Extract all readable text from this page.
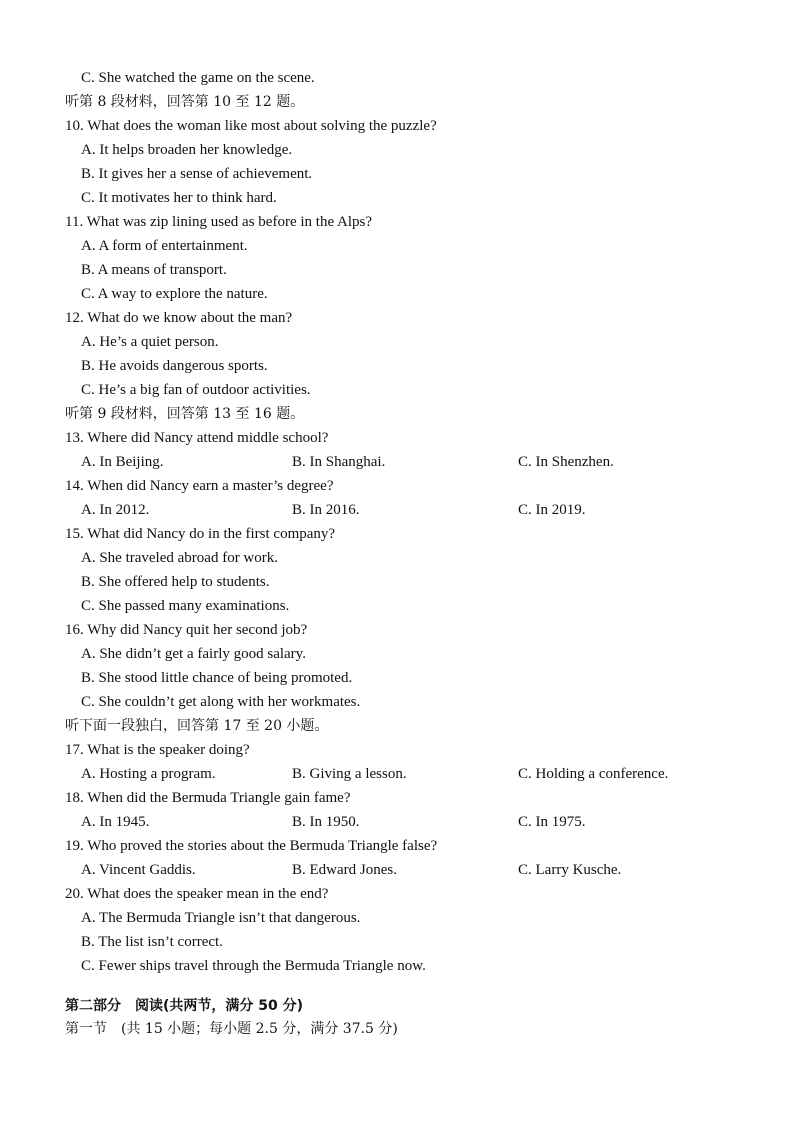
C. She watched the game on the scene.
听第 8 段材料，回答第 10 至 12 题。
10. What does the woman like most about solving the puzzle?
A. It helps broaden her knowledge.
B. It gives her a sense of achievement.
C. It motivates her to think hard.
11. What was zip lining used as before in the Alps?
A. A form of entertainment.
B. A means of transport.
C. A way to explore the nature.
12. What do we know about the man?
A. He’s a quiet person.
B. He avoids dangerous sports.
C. He’s a big fan of outdoor activities.
听第 9 段材料，回答第 13 至 16 题。
13. Where did Nancy attend middle school?
A. In Beijing.	B. In Shanghai.	C. In Shenzhen.
14. When did Nancy earn a master’s degree?
A. In 2012.	B. In 2016.	C. In 2019.
15. What did Nancy do in the first company?
A. She traveled abroad for work.
B. She offered help to students.
C. She passed many examinations.
16. Why did Nancy quit her second job?
A. She didn’t get a fairly good salary.
B. She stood little chance of being promoted.
C. She couldn’t get along with her workmates.
听下面一段独白，回答第 17 至 20 小题。
17. What is the speaker doing?
A. Hosting a program.	B. Giving a lesson.	C. Holding a conference.
18. When did the Bermuda Triangle gain fame?
A. In 1945.	B. In 1950.	C. In 1975.
19. Who proved the stories about the Bermuda Triangle false?
A. Vincent Gaddis.	B. Edward Jones.	C. Larry Kusche.
20. What does the speaker mean in the end?
A. The Bermuda Triangle isn’t that dangerous.
B. The list isn’t correct.
C. Fewer ships travel through the Bermuda Triangle now.
第二部分　阅读(共两节，满分 50 分)
第一节　(共 15 小题；每小题 2.5 分，满分 37.5 分)
